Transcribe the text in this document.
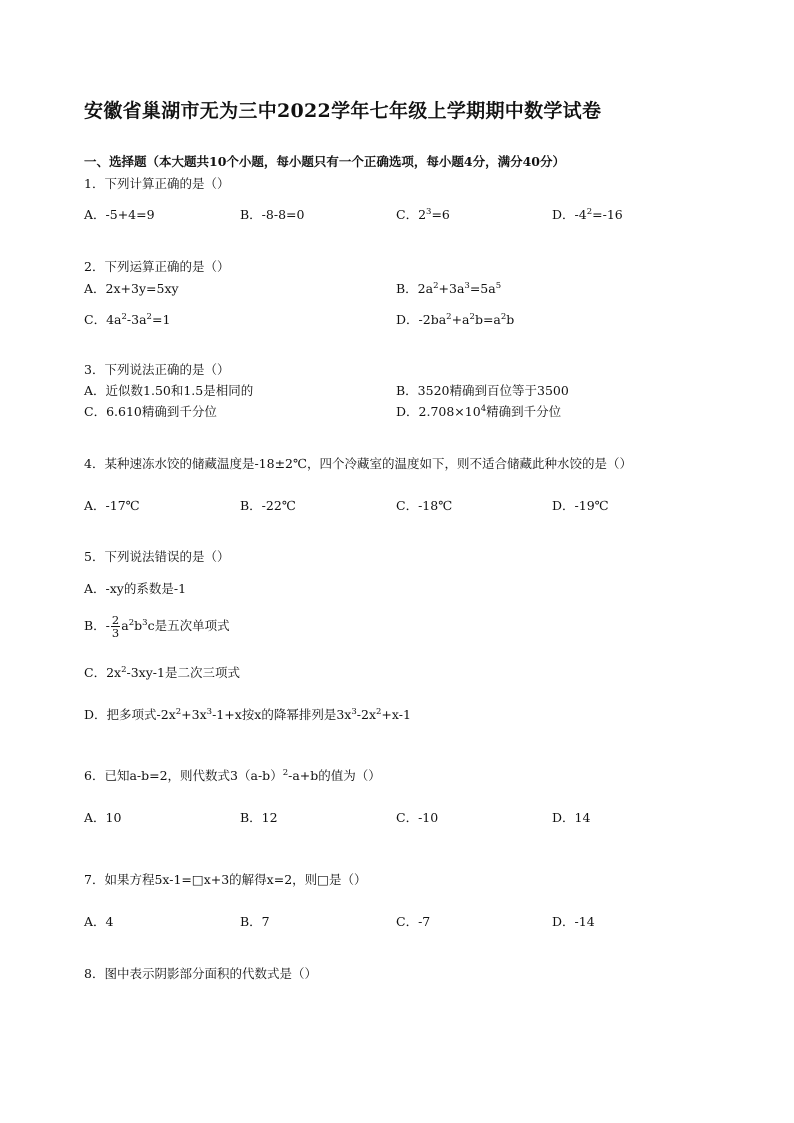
安徽省巢湖市无为三中2022学年七年级上学期期中数学试卷
一、选择题（本大题共10个小题，每小题只有一个正确选项，每小题4分，满分40分）
1．下列计算正确的是（）
A．-5+4=9	B．-8-8=0	C．$2^3=6$	D．$-4^2=-16$
2．下列运算正确的是（）
A．2x+3y=5xy	B．$2a^2+3a^3=5a^5$
C．$4a^2-3a^2=1$	D．$-2ba^2+a^2b=a^2b$
3．下列说法正确的是（）
A．近似数1.50和1.5是相同的	B．3520精确到百位等于3500
C．6.610精确到千分位	D．$2.708\times 10^4$精确到千分位
4．某种速冻水饺的储藏温度是-18±2℃，四个冷藏室的温度如下，则不适合储藏此种水饺的是（）
A．-17℃	B．-22℃	C．-18℃	D．-19℃
5．下列说法错误的是（）
A．-xy的系数是-1
B．- $\frac{2}{3} a^2b^3c$是五次单项式
C．$2x^2-3xy-1$是二次三项式
D．把多项式$-2x^2+3x^3-1+x$按x的降幂排列是$3x^3-2x^2+x-1$
6．已知a-b=2，则代数式$3(a-b)^2-a+b$的值为（）
A．10	B．12	C．-10	D．14
7．如果方程5x-1=□x+3的解得x=2，则□是（）
A．4	B．7	C．-7	D．-14
8．图中表示阴影部分面积的代数式是（）
